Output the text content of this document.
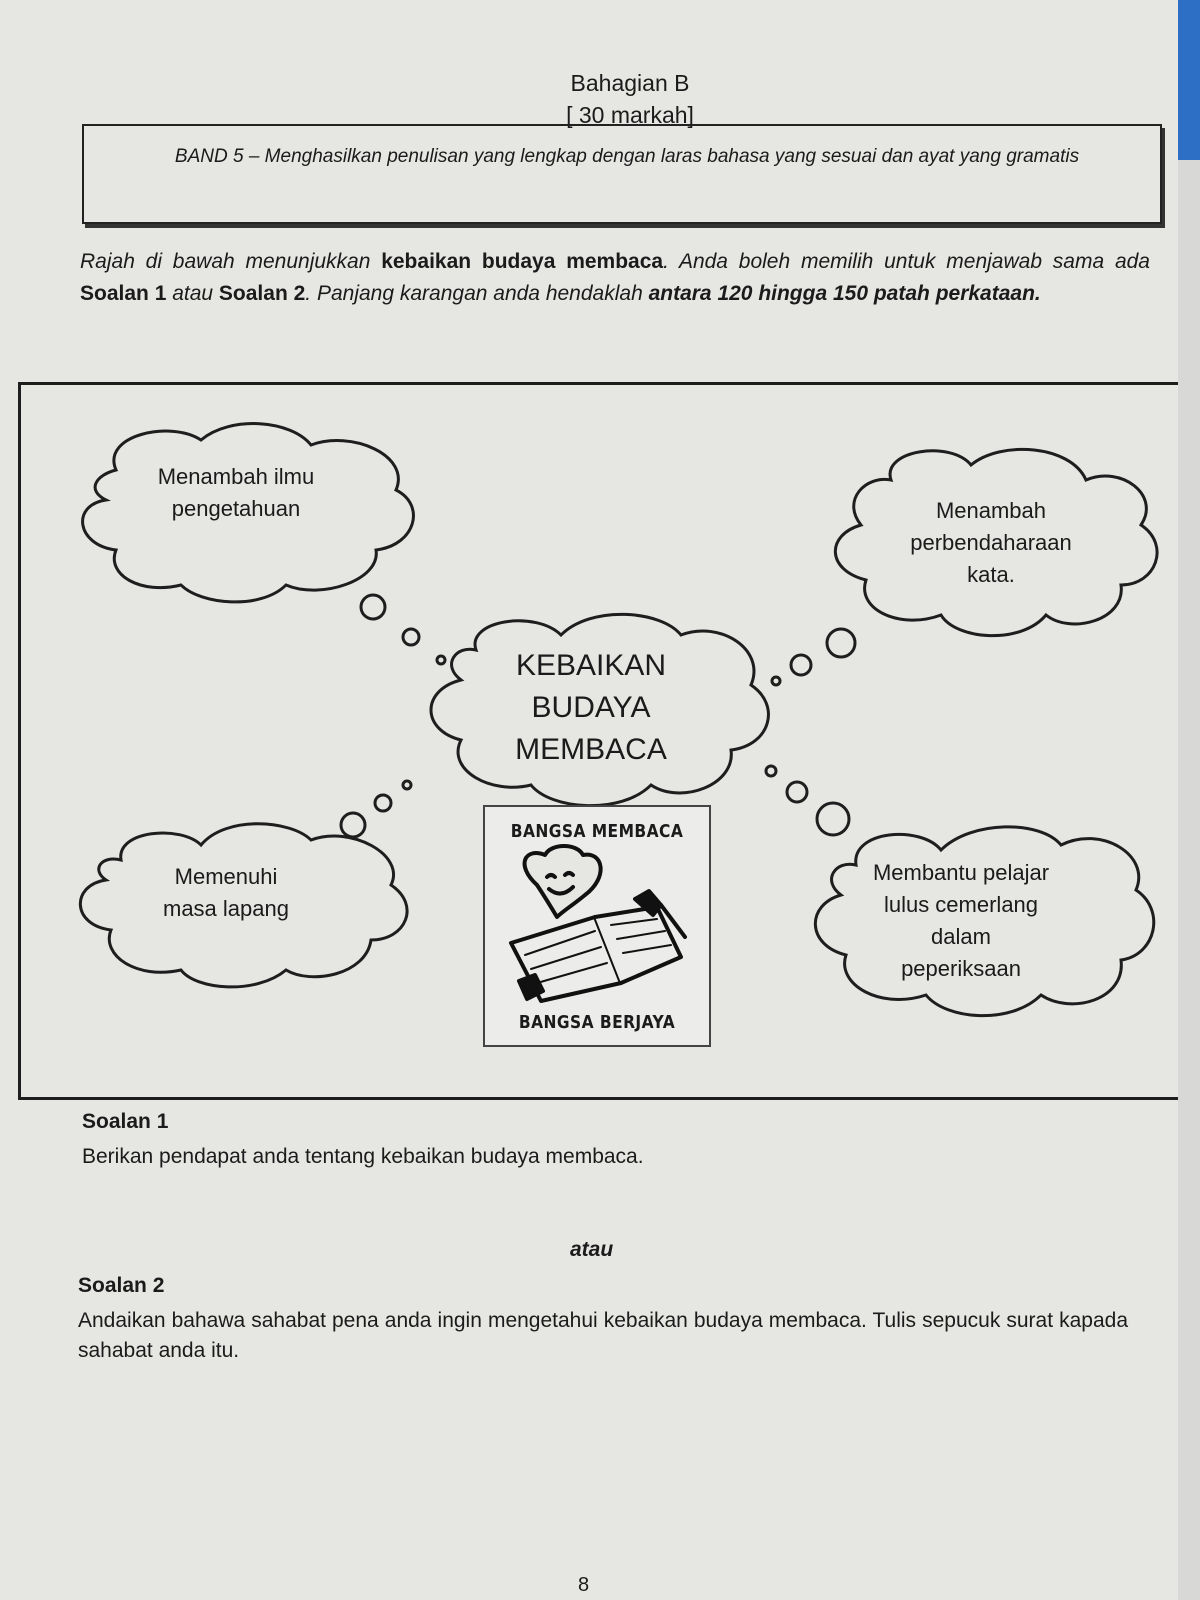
Bahagian B
[ 30 markah]
BAND 5 – Menghasilkan penulisan yang lengkap dengan laras bahasa yang sesuai dan ayat yang gramatis
Rajah di bawah menunjukkan kebaikan budaya membaca. Anda boleh memilih untuk menjawab sama ada Soalan 1 atau Soalan 2. Panjang karangan anda hendaklah antara 120 hingga 150 patah perkataan.
Menambah ilmu
pengetahuan	Menambah
perbendaharaan
kata.
Memenuhi
masa lapang
Membantu pelajar
lulus cemerlang
dalam
peperiksaan
KEBAIKAN
BUDAYA
MEMBACA
BANGSA MEMBACA
BANGSA BERJAYA
Soalan 1
Berikan pendapat anda tentang kebaikan budaya membaca.
atau
Soalan 2
Andaikan bahawa sahabat pena anda ingin mengetahui kebaikan budaya membaca. Tulis sepucuk surat kapada sahabat anda itu.
8
